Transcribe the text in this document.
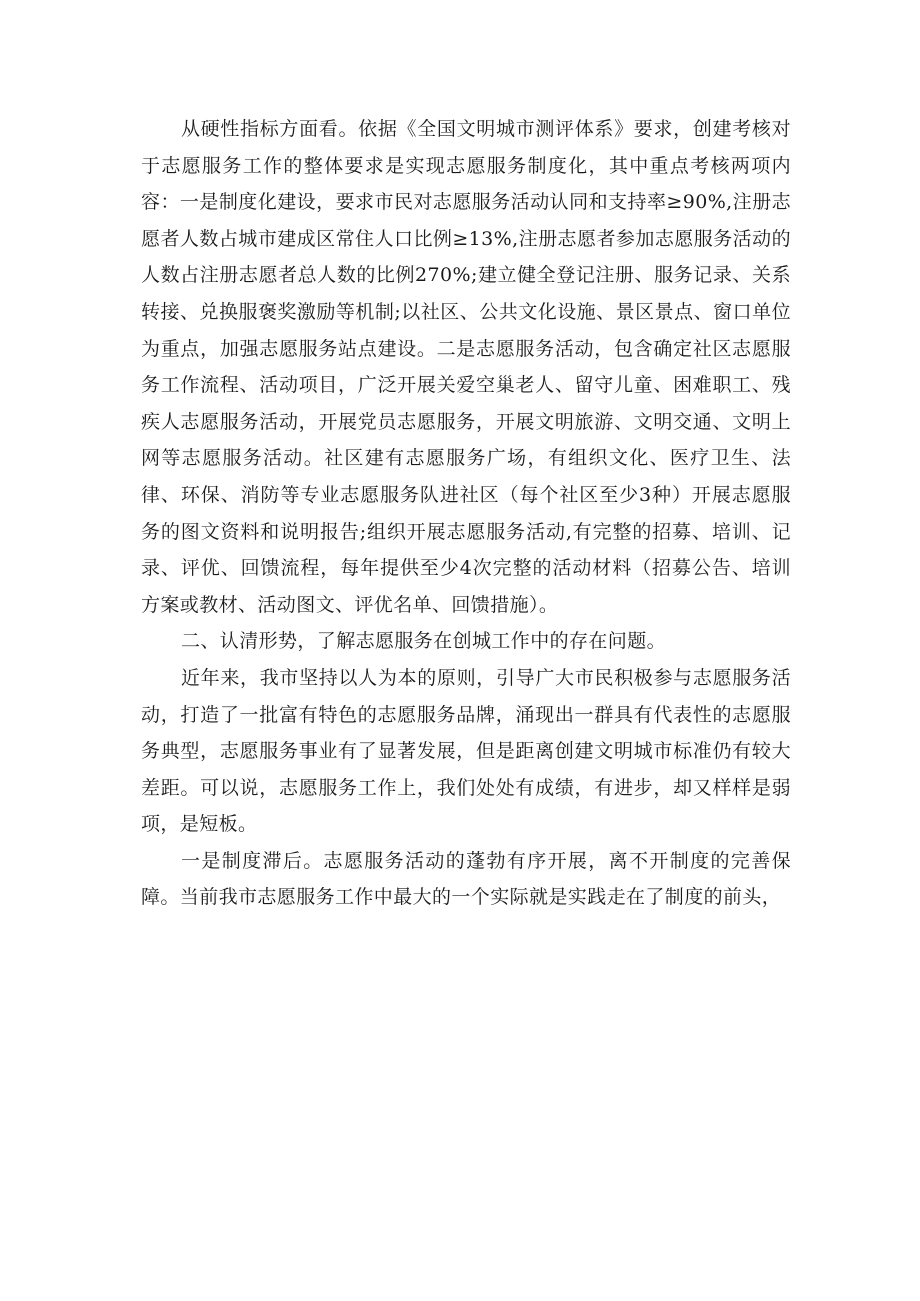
从硬性指标方面看。依据《全国文明城市测评体系》要求，创建考核对于志愿服务工作的整体要求是实现志愿服务制度化，其中重点考核两项内容：一是制度化建设，要求市民对志愿服务活动认同和支持率≥90%,注册志愿者人数占城市建成区常住人口比例≥13%,注册志愿者参加志愿服务活动的人数占注册志愿者总人数的比例270%;建立健全登记注册、服务记录、关系转接、兑换服褒奖激励等机制;以社区、公共文化设施、景区景点、窗口单位为重点，加强志愿服务站点建设。二是志愿服务活动，包含确定社区志愿服务工作流程、活动项目，广泛开展关爱空巢老人、留守儿童、困难职工、残疾人志愿服务活动，开展党员志愿服务，开展文明旅游、文明交通、文明上网等志愿服务活动。社区建有志愿服务广场，有组织文化、医疗卫生、法律、环保、消防等专业志愿服务队进社区（每个社区至少3种）开展志愿服务的图文资料和说明报告;组织开展志愿服务活动,有完整的招募、培训、记录、评优、回馈流程，每年提供至少4次完整的活动材料（招募公告、培训方案或教材、活动图文、评优名单、回馈措施）。

二、认清形势，了解志愿服务在创城工作中的存在问题。

近年来，我市坚持以人为本的原则，引导广大市民积极参与志愿服务活动，打造了一批富有特色的志愿服务品牌，涌现出一群具有代表性的志愿服务典型，志愿服务事业有了显著发展，但是距离创建文明城市标准仍有较大差距。可以说，志愿服务工作上，我们处处有成绩，有进步，却又样样是弱项，是短板。

一是制度滞后。志愿服务活动的蓬勃有序开展，离不开制度的完善保障。当前我市志愿服务工作中最大的一个实际就是实践走在了制度的前头，
